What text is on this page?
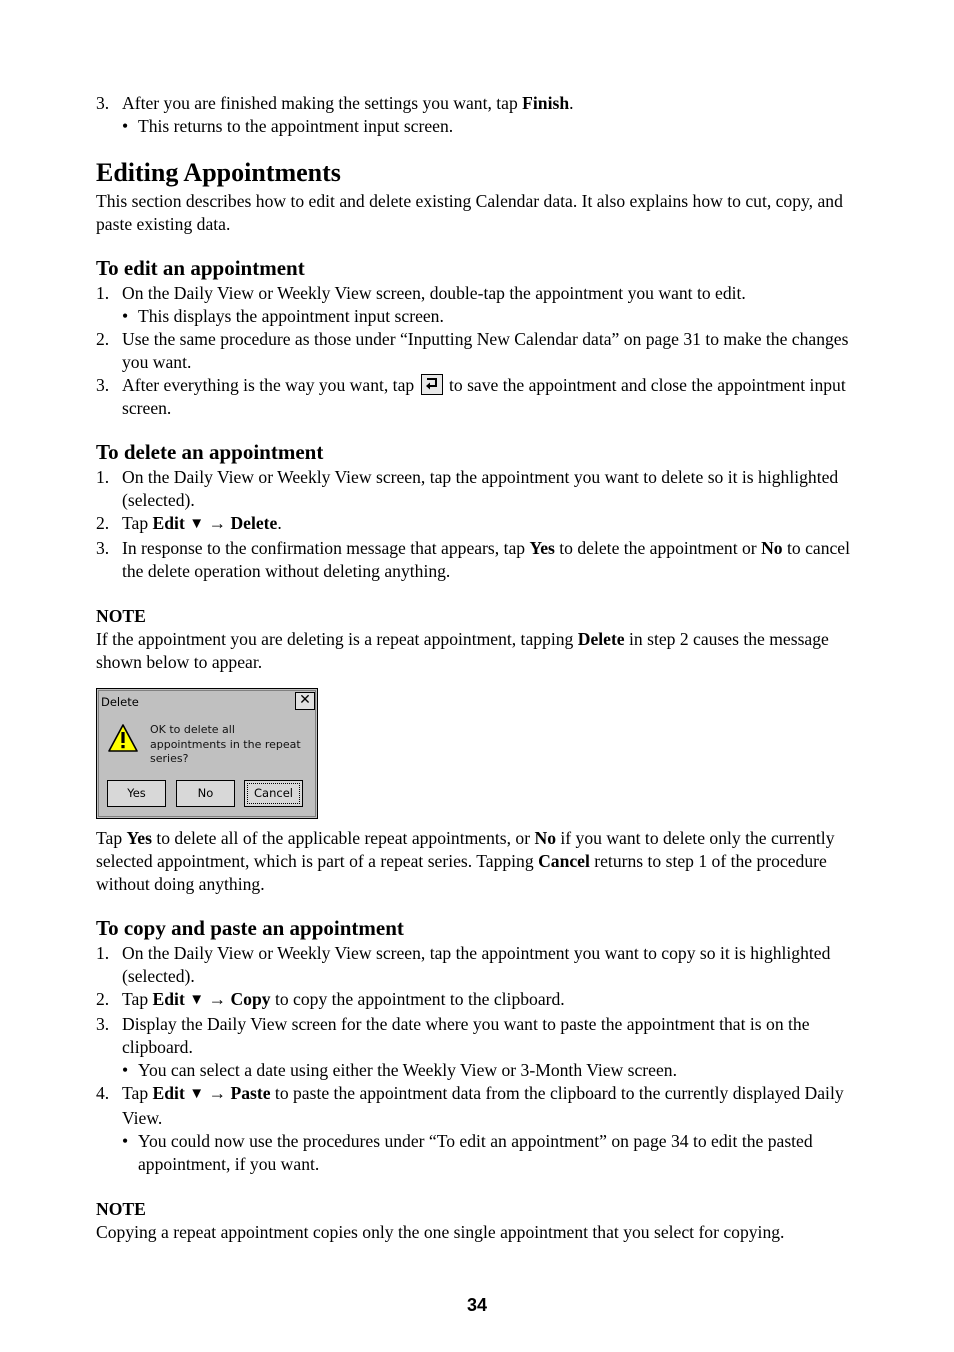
3. After you are finished making the settings you want, tap Finish.
• This returns to the appointment input screen.
Editing Appointments

This section describes how to edit and delete existing Calendar data. It also explains how to cut, copy, and paste existing data.

To edit an appointment
1. On the Daily View or Weekly View screen, double-tap the appointment you want to edit.
• This displays the appointment input screen.
2. Use the same procedure as those under “Inputting New Calendar data” on page 31 to make the changes you want.
3. After everything is the way you want, tap to save the appointment and close the appointment input screen.
To delete an appointment
1. On the Daily View or Weekly View screen, tap the appointment you want to delete so it is highlighted (selected).
2. Tap Edit ▼ → Delete.
3. In response to the confirmation message that appears, tap Yes to delete the appointment or No to cancel the delete operation without deleting anything.

NOTE

If the appointment you are deleting is a repeat appointment, tapping Delete in step 2 causes the message shown below to appear.

Tap Yes to delete all of the applicable repeat appointments, or No if you want to delete only the currently selected appointment, which is part of a repeat series. Tapping Cancel returns to step 1 of the procedure without doing anything.

To copy and paste an appointment
1. On the Daily View or Weekly View screen, tap the appointment you want to copy so it is highlighted (selected).
2. Tap Edit ▼ → Copy to copy the appointment to the clipboard.
3. Display the Daily View screen for the date where you want to paste the appointment that is on the clipboard.
• You can select a date using either the Weekly View or 3-Month View screen.
4. Tap Edit ▼ → Paste to paste the appointment data from the clipboard to the currently displayed Daily View.
• You could now use the procedures under “To edit an appointment” on page 34 to edit the pasted appointment, if you want.

NOTE

Copying a repeat appointment copies only the one single appointment that you select for copying.

Delete	✕
OK to delete all appointments in the repeat series?
Yes	No	Cancel
34
